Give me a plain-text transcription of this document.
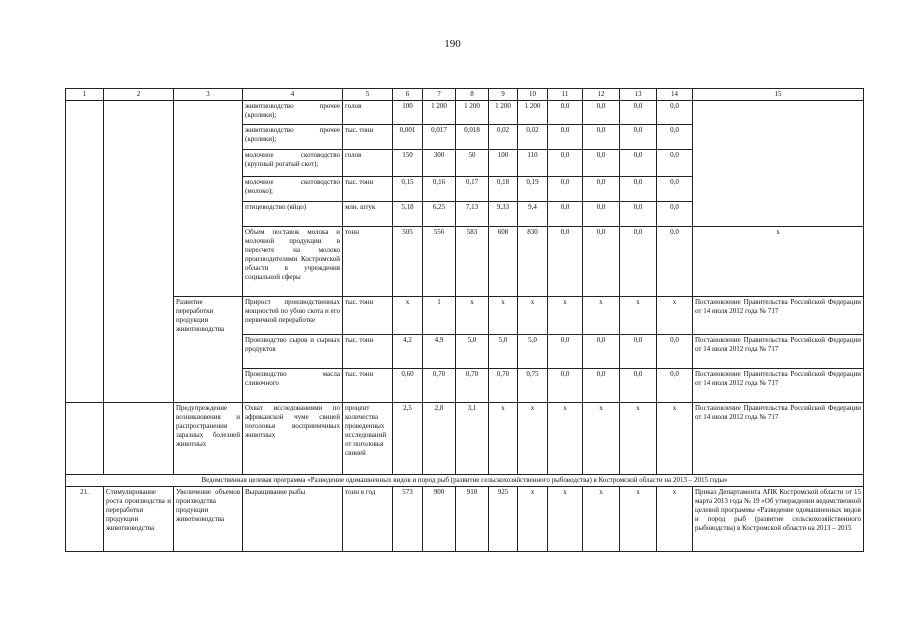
190
1	2	3	4	5	6	7	8	9	10	11	12	13	14	15
			животноводство прочее (кролики);	голов	100	1 200	1 200	1 200	1 200	0,0	0,0	0,0	0,0	
			животноводство прочее (кролики);	тыс. тонн	0,001	0,017	0,018	0,02	0,02	0,0	0,0	0,0	0,0	
			молочное скотоводство (крупный рогатый скот);	голов	150	300	50	100	110	0,0	0,0	0,0	0,0	
			молочное скотоводство (молоко);	тыс. тонн	0,15	0,16	0,17	0,18	0,19	0,0	0,0	0,0	0,0	
			птицеводство (яйцо)	млн. штук	5,18	6,25	7,13	9,33	9,4	0,0	0,0	0,0	0,0	
			Объем поставок молока и молочной продукции в пересчете на молоко производителями Костромской области в учреждения социальной сферы	тонн	505	556	583	608	830	0,0	0,0	0,0	0,0	х
		Развитие переработки продукции животноводства	Прирост производственных мощностей по убою скота и его первичной переработке	тыс. тонн	х	1	х	х	х	х	х	х	х	Постановление Правительства Российской Федерации от 14 июля 2012 года № 717
			Производство сыров и сырных продуктов	тыс. тонн	4,2	4,9	5,0	5,0	5,0	0,0	0,0	0,0	0,0	Постановление Правительства Российской Федерации от 14 июля 2012 года № 717
			Производство масла сливочного	тыс. тонн	0,60	0,70	0,70	0,70	0,75	0,0	0,0	0,0	0,0	Постановление Правительства Российской Федерации от 14 июля 2012 года № 717
		Предупреждение возникновения и распространения заразных болезней животных	Охват исследованиями по африканской чуме свиней поголовья восприимчивых животных	процент количества проведенных исследований от поголовья свиней	2,5	2,8	3,1	х	х	х	х	х	х	Постановление Правительства Российской Федерации от 14 июля 2012 года № 717
Ведомственная целевая программа «Разведение одомашненных видов и пород рыб (развитие сельскохозяйственного рыбоводства) в Костромской области на 2013 – 2015 годы»														
21.	Стимулирование роста производства и переработки продукции животноводства	Увеличение объемов производства продукции животноводства	Выращивание рыбы	тонн в год	573	900	910	925	х	х	х	х	х	Приказ Департамента АПК Костромской области от 15 марта 2013 года № 19 «Об утверждении ведомственной целевой программы «Разведение одомашненных видов и пород рыб (развитие сельскохозяйственного рыбоводства) в Костромской области на 2013 – 2015
